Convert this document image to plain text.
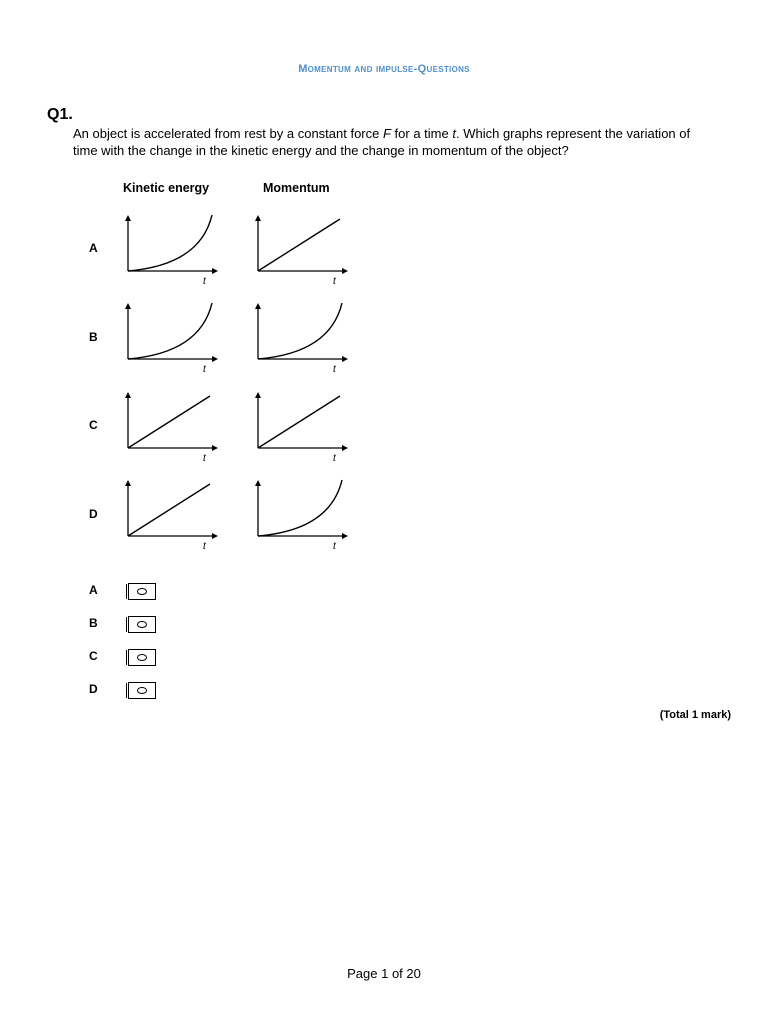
Momentum and impulse-Questions
Q1.
An object is accelerated from rest by a constant force F for a time t. Which graphs represent the variation of time with the change in the kinetic energy and the change in momentum of the object?
Kinetic energy	Momentum
A
t	t
B
t	t
C
t	t
D
t	t
A
B
C
D
(Total 1 mark)
Page 1 of 20
